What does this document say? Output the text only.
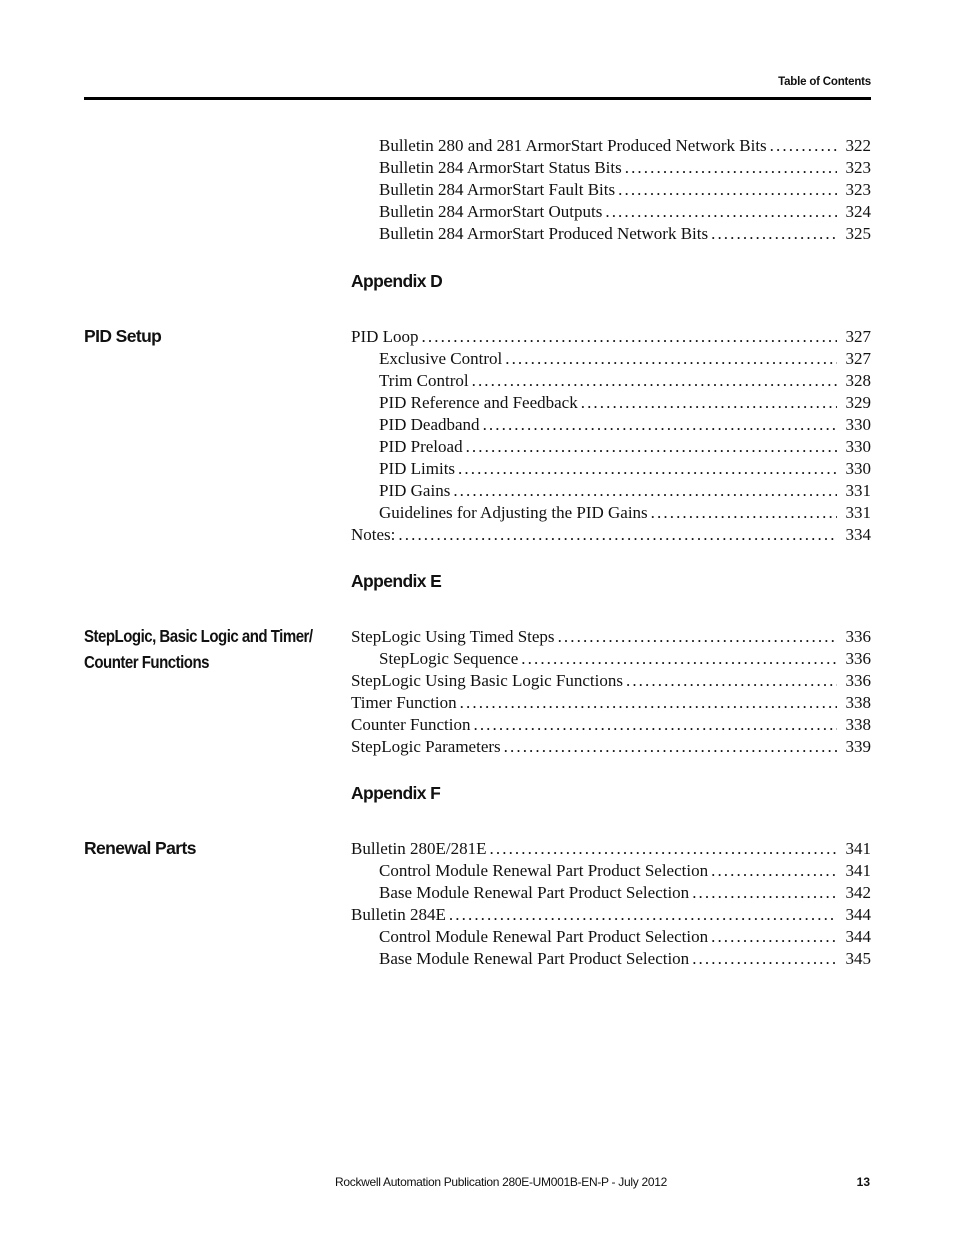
Table of Contents
Bulletin 280 and 281 ArmorStart Produced Network Bits .....	322
Bulletin 284 ArmorStart Status Bits .....	323
Bulletin 284 ArmorStart Fault Bits .....	323
Bulletin 284 ArmorStart Outputs .....	324
Bulletin 284 ArmorStart Produced Network Bits .....	325
Appendix D
PID Setup	PID Loop .....	327
Exclusive Control .....	327
Trim Control .....	328
PID Reference and Feedback .....	329
PID Deadband .....	330
PID Preload .....	330
PID Limits .....	330
PID Gains .....	331
Guidelines for Adjusting the PID Gains .....	331
Notes: .....	334
Appendix E
StepLogic, Basic Logic and Timer/
Counter Functions
StepLogic Using Timed Steps .....	336
StepLogic Sequence .....	336
StepLogic Using Basic Logic Functions .....	336
Timer Function .....	338
Counter Function .....	338
StepLogic Parameters .....	339
Appendix F
Renewal Parts	Bulletin 280E/281E .....	341
Control Module Renewal Part Product Selection .....	341
Base Module Renewal Part Product Selection .....	342
Bulletin 284E .....	344
Control Module Renewal Part Product Selection .....	344
Base Module Renewal Part Product Selection .....	345
Rockwell Automation Publication 280E-UM001B-EN-P - July 2012	13
